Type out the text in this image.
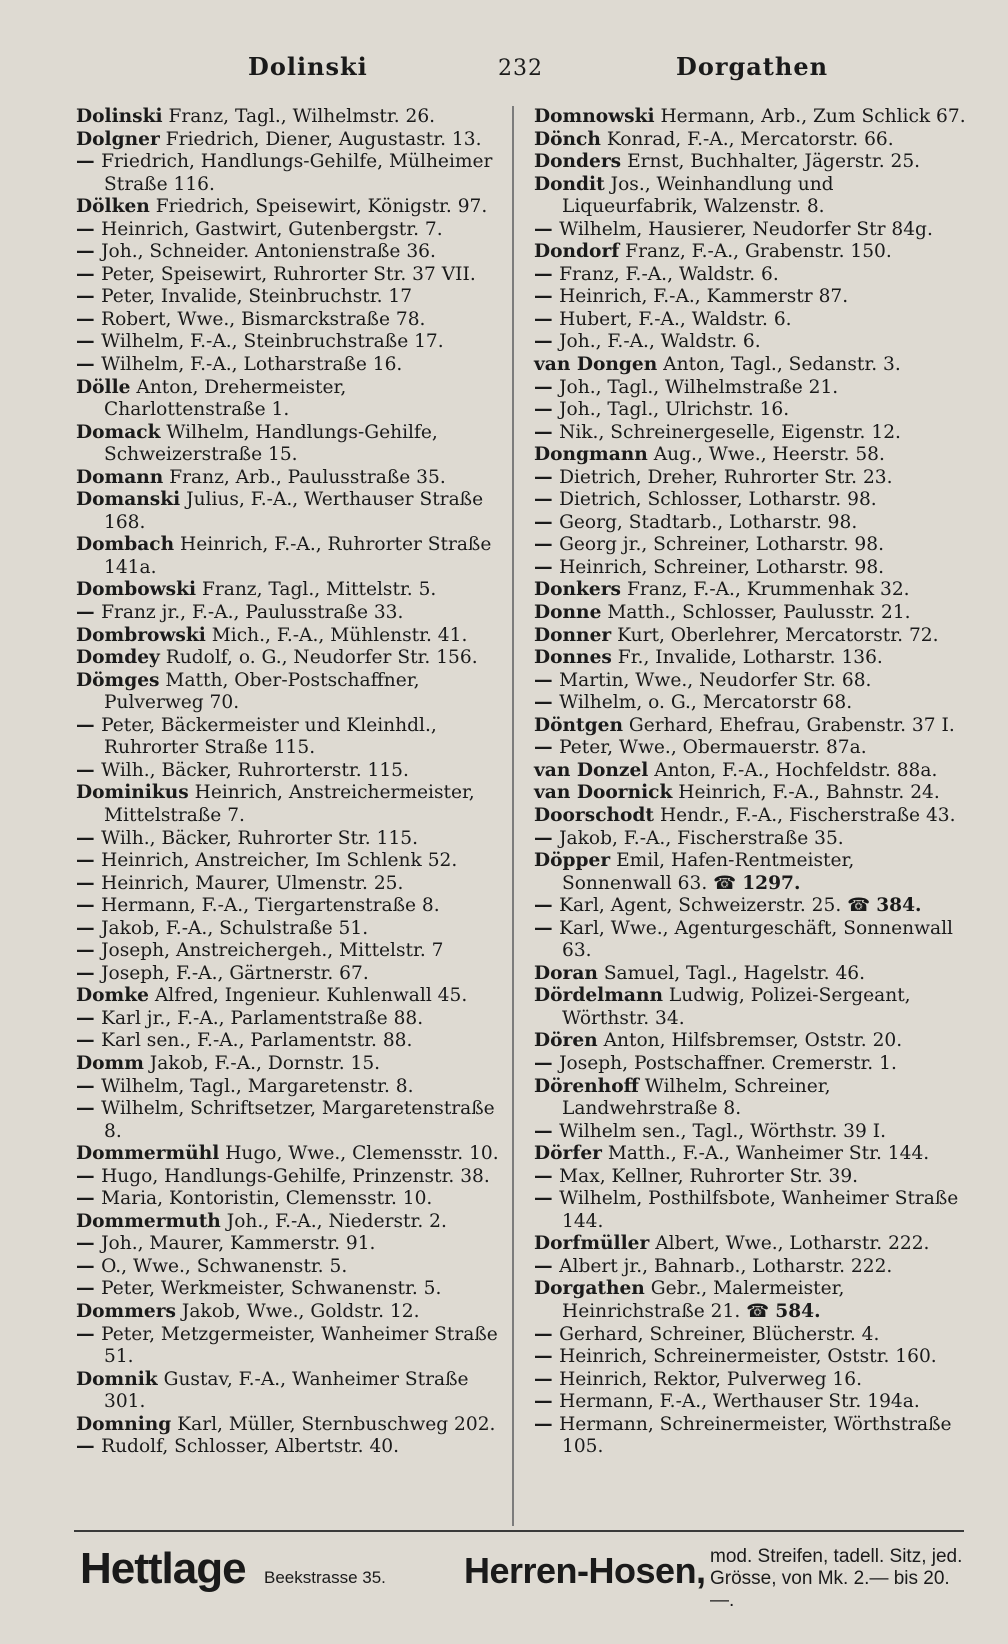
Dolinski	232	Dorgathen

Dolinski Franz, Tagl., Wilhelmstr. 26.

Dolgner Friedrich, Diener, Augustastr. 13.

— Friedrich, Handlungs-Gehilfe, Mülheimer Straße 116.

Dölken Friedrich, Speisewirt, Königstr. 97.

— Heinrich, Gastwirt, Gutenbergstr. 7.

— Joh., Schneider. Antonienstraße 36.

— Peter, Speisewirt, Ruhrorter Str. 37 VII.

— Peter, Invalide, Steinbruchstr. 17

— Robert, Wwe., Bismarckstraße 78.

— Wilhelm, F.-A., Steinbruchstraße 17.

— Wilhelm, F.-A., Lotharstraße 16.

Dölle Anton, Drehermeister, Charlottenstraße 1.

Domack Wilhelm, Handlungs-Gehilfe, Schweizerstraße 15.

Domann Franz, Arb., Paulusstraße 35.

Domanski Julius, F.-A., Werthauser Straße 168.

Dombach Heinrich, F.-A., Ruhrorter Straße 141a.

Dombowski Franz, Tagl., Mittelstr. 5.

— Franz jr., F.-A., Paulusstraße 33.

Dombrowski Mich., F.-A., Mühlenstr. 41.

Domdey Rudolf, o. G., Neudorfer Str. 156.

Dömges Matth, Ober-Postschaffner, Pulverweg 70.

— Peter, Bäckermeister und Kleinhdl., Ruhrorter Straße 115.

— Wilh., Bäcker, Ruhrorterstr. 115.

Dominikus Heinrich, Anstreichermeister, Mittelstraße 7.

— Wilh., Bäcker, Ruhrorter Str. 115.

— Heinrich, Anstreicher, Im Schlenk 52.

— Heinrich, Maurer, Ulmenstr. 25.

— Hermann, F.-A., Tiergartenstraße 8.

— Jakob, F.-A., Schulstraße 51.

— Joseph, Anstreichergeh., Mittelstr. 7

— Joseph, F.-A., Gärtnerstr. 67.

Domke Alfred, Ingenieur. Kuhlenwall 45.

— Karl jr., F.-A., Parlamentstraße 88.

— Karl sen., F.-A., Parlamentstr. 88.

Domm Jakob, F.-A., Dornstr. 15.

— Wilhelm, Tagl., Margaretenstr. 8.

— Wilhelm, Schriftsetzer, Margaretenstraße 8.

Dommermühl Hugo, Wwe., Clemensstr. 10.

— Hugo, Handlungs-Gehilfe, Prinzenstr. 38.

— Maria, Kontoristin, Clemensstr. 10.

Dommermuth Joh., F.-A., Niederstr. 2.

— Joh., Maurer, Kammerstr. 91.

— O., Wwe., Schwanenstr. 5.

— Peter, Werkmeister, Schwanenstr. 5.

Dommers Jakob, Wwe., Goldstr. 12.

— Peter, Metzgermeister, Wanheimer Straße 51.

Domnik Gustav, F.-A., Wanheimer Straße 301.

Domning Karl, Müller, Sternbuschweg 202.

— Rudolf, Schlosser, Albertstr. 40.

Domnowski Hermann, Arb., Zum Schlick 67.

Dönch Konrad, F.-A., Mercatorstr. 66.

Donders Ernst, Buchhalter, Jägerstr. 25.

Dondit Jos., Weinhandlung und Liqueurfabrik, Walzenstr. 8.

— Wilhelm, Hausierer, Neudorfer Str 84g.

Dondorf Franz, F.-A., Grabenstr. 150.

— Franz, F.-A., Waldstr. 6.

— Heinrich, F.-A., Kammerstr 87.

— Hubert, F.-A., Waldstr. 6.

— Joh., F.-A., Waldstr. 6.

van Dongen Anton, Tagl., Sedanstr. 3.

— Joh., Tagl., Wilhelmstraße 21.

— Joh., Tagl., Ulrichstr. 16.

— Nik., Schreinergeselle, Eigenstr. 12.

Dongmann Aug., Wwe., Heerstr. 58.

— Dietrich, Dreher, Ruhrorter Str. 23.

— Dietrich, Schlosser, Lotharstr. 98.

— Georg, Stadtarb., Lotharstr. 98.

— Georg jr., Schreiner, Lotharstr. 98.

— Heinrich, Schreiner, Lotharstr. 98.

Donkers Franz, F.-A., Krummenhak 32.

Donne Matth., Schlosser, Paulusstr. 21.

Donner Kurt, Oberlehrer, Mercatorstr. 72.

Donnes Fr., Invalide, Lotharstr. 136.

— Martin, Wwe., Neudorfer Str. 68.

— Wilhelm, o. G., Mercatorstr 68.

Döntgen Gerhard, Ehefrau, Grabenstr. 37 I.

— Peter, Wwe., Obermauerstr. 87a.

van Donzel Anton, F.-A., Hochfeldstr. 88a.

van Doornick Heinrich, F.-A., Bahnstr. 24.

Doorschodt Hendr., F.-A., Fischerstraße 43.

— Jakob, F.-A., Fischerstraße 35.

Döpper Emil, Hafen-Rentmeister, Sonnenwall 63. ☎ 1297.

— Karl, Agent, Schweizerstr. 25. ☎ 384.

— Karl, Wwe., Agenturgeschäft, Sonnenwall 63.

Doran Samuel, Tagl., Hagelstr. 46.

Dördelmann Ludwig, Polizei-Sergeant, Wörthstr. 34.

Dören Anton, Hilfsbremser, Oststr. 20.

— Joseph, Postschaffner. Cremerstr. 1.

Dörenhoff Wilhelm, Schreiner, Landwehrstraße 8.

— Wilhelm sen., Tagl., Wörthstr. 39 I.

Dörfer Matth., F.-A., Wanheimer Str. 144.

— Max, Kellner, Ruhrorter Str. 39.

— Wilhelm, Posthilfsbote, Wanheimer Straße 144.

Dorfmüller Albert, Wwe., Lotharstr. 222.

— Albert jr., Bahnarb., Lotharstr. 222.

Dorgathen Gebr., Malermeister, Heinrichstraße 21. ☎ 584.

— Gerhard, Schreiner, Blücherstr. 4.

— Heinrich, Schreinermeister, Oststr. 160.

— Heinrich, Rektor, Pulverweg 16.

— Hermann, F.-A., Werthauser Str. 194a.

— Hermann, Schreinermeister, Wörthstraße 105.

Hettlage Beekstrasse 35. Herren-Hosen, mod. Streifen, tadell. Sitz, jed.
Grösse, von Mk. 2.— bis 20.—.
